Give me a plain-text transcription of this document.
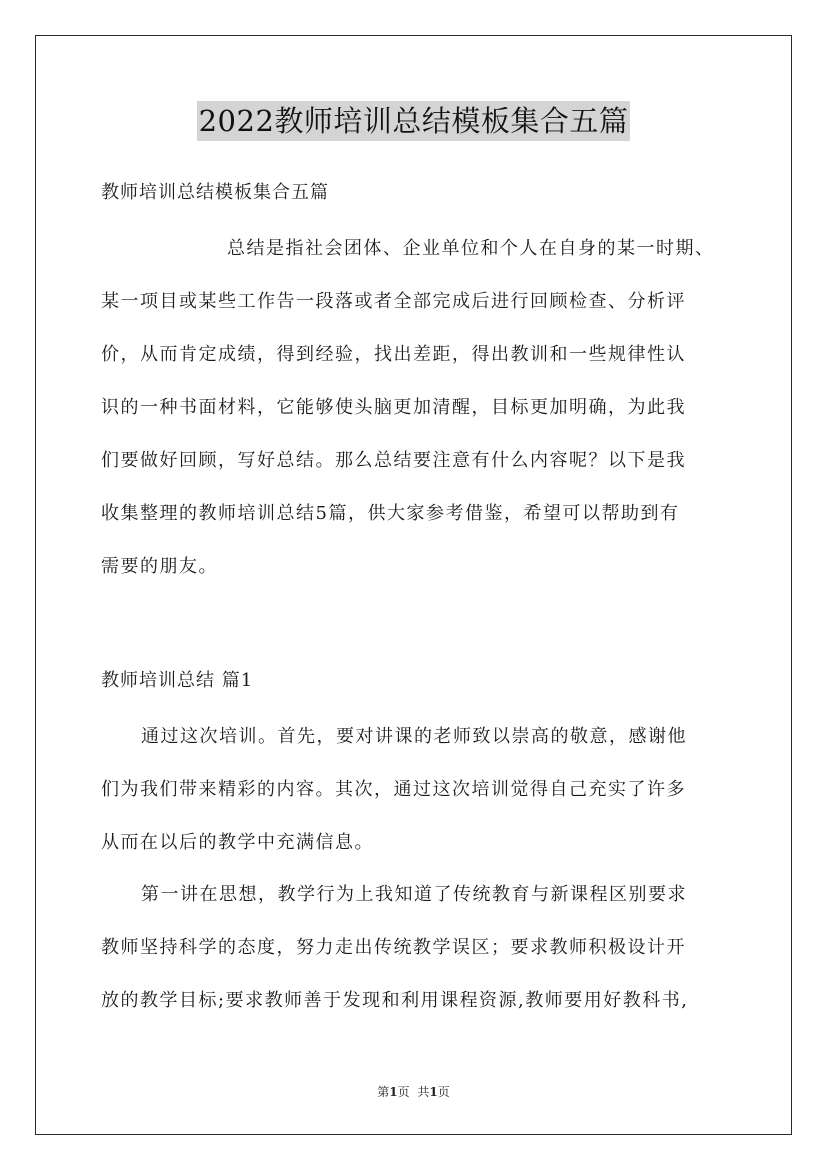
2022教师培训总结模板集合五篇
教师培训总结模板集合五篇
总结是指社会团体、企业单位和个人在自身的某一时期、
某一项目或某些工作告一段落或者全部完成后进行回顾检查、分析评
价，从而肯定成绩，得到经验，找出差距，得出教训和一些规律性认
识的一种书面材料，它能够使头脑更加清醒，目标更加明确，为此我
们要做好回顾，写好总结。那么总结要注意有什么内容呢？以下是我
收集整理的教师培训总结5篇，供大家参考借鉴，希望可以帮助到有
需要的朋友。
教师培训总结 篇1
通过这次培训。首先，要对讲课的老师致以崇高的敬意，感谢他
们为我们带来精彩的内容。其次，通过这次培训觉得自己充实了许多
从而在以后的教学中充满信息。
第一讲在思想，教学行为上我知道了传统教育与新课程区别要求
教师坚持科学的态度，努力走出传统教学误区；要求教师积极设计开
放的教学目标;要求教师善于发现和利用课程资源,教师要用好教科书,
第1页 共1页
